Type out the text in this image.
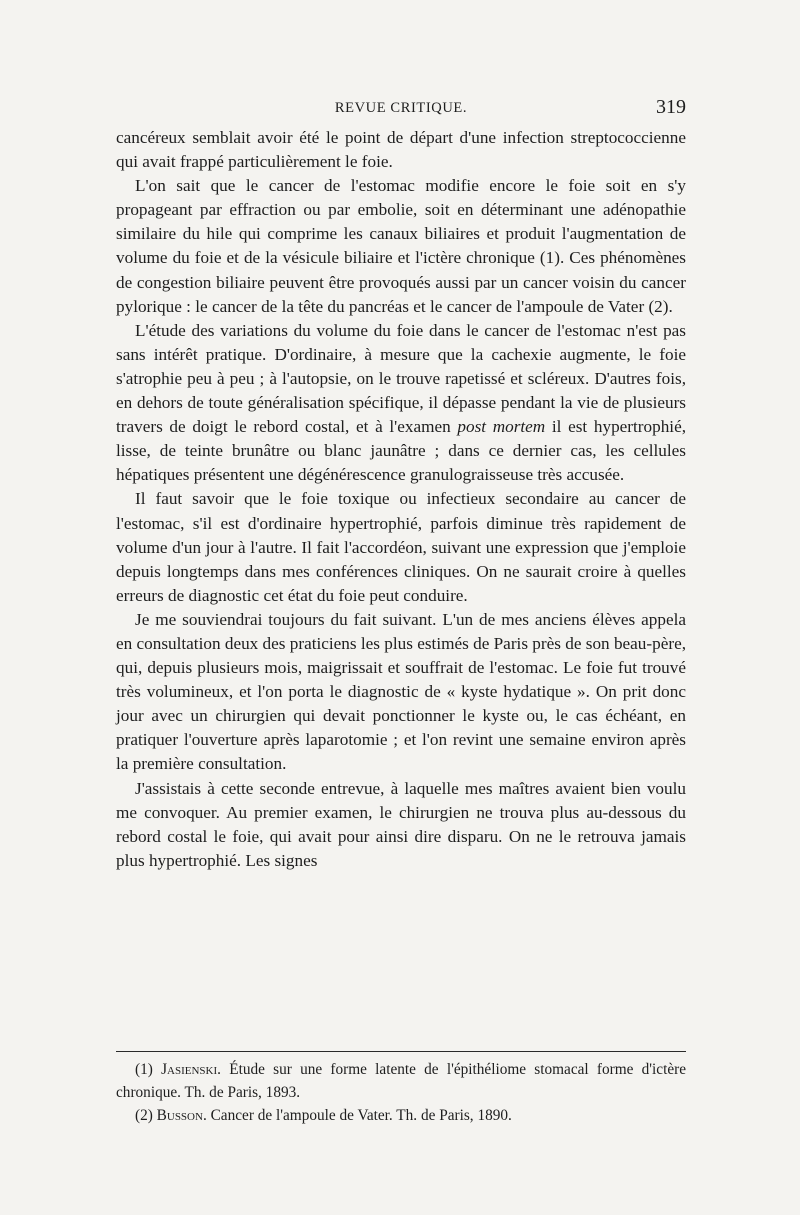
REVUE CRITIQUE.	319

cancéreux semblait avoir été le point de départ d'une infection streptococcienne qui avait frappé particulièrement le foie.

L'on sait que le cancer de l'estomac modifie encore le foie soit en s'y propageant par effraction ou par embolie, soit en déterminant une adénopathie similaire du hile qui comprime les canaux biliaires et produit l'augmentation de volume du foie et de la vésicule biliaire et l'ictère chronique (1). Ces phénomènes de congestion biliaire peuvent être provoqués aussi par un cancer voisin du cancer pylorique : le cancer de la tête du pancréas et le cancer de l'ampoule de Vater (2).

L'étude des variations du volume du foie dans le cancer de l'estomac n'est pas sans intérêt pratique. D'ordinaire, à mesure que la cachexie augmente, le foie s'atrophie peu à peu ; à l'autopsie, on le trouve rapetissé et scléreux. D'autres fois, en dehors de toute généralisation spécifique, il dépasse pendant la vie de plusieurs travers de doigt le rebord costal, et à l'examen post mortem il est hypertrophié, lisse, de teinte brunâtre ou blanc jaunâtre ; dans ce dernier cas, les cellules hépatiques présentent une dégénérescence granulograisseuse très accusée.

Il faut savoir que le foie toxique ou infectieux secondaire au cancer de l'estomac, s'il est d'ordinaire hypertrophié, parfois diminue très rapidement de volume d'un jour à l'autre. Il fait l'accordéon, suivant une expression que j'emploie depuis longtemps dans mes conférences cliniques. On ne saurait croire à quelles erreurs de diagnostic cet état du foie peut conduire.

Je me souviendrai toujours du fait suivant. L'un de mes anciens élèves appela en consultation deux des praticiens les plus estimés de Paris près de son beau-père, qui, depuis plusieurs mois, maigrissait et souffrait de l'estomac. Le foie fut trouvé très volumineux, et l'on porta le diagnostic de « kyste hydatique ». On prit donc jour avec un chirurgien qui devait ponctionner le kyste ou, le cas échéant, en pratiquer l'ouverture après laparotomie ; et l'on revint une semaine environ après la première consultation.

J'assistais à cette seconde entrevue, à laquelle mes maîtres avaient bien voulu me convoquer. Au premier examen, le chirurgien ne trouva plus au-dessous du rebord costal le foie, qui avait pour ainsi dire disparu. On ne le retrouva jamais plus hypertrophié. Les signes

(1) Jasienski. Étude sur une forme latente de l'épithéliome stomacal forme d'ictère chronique. Th. de Paris, 1893.

(2) Busson. Cancer de l'ampoule de Vater. Th. de Paris, 1890.
